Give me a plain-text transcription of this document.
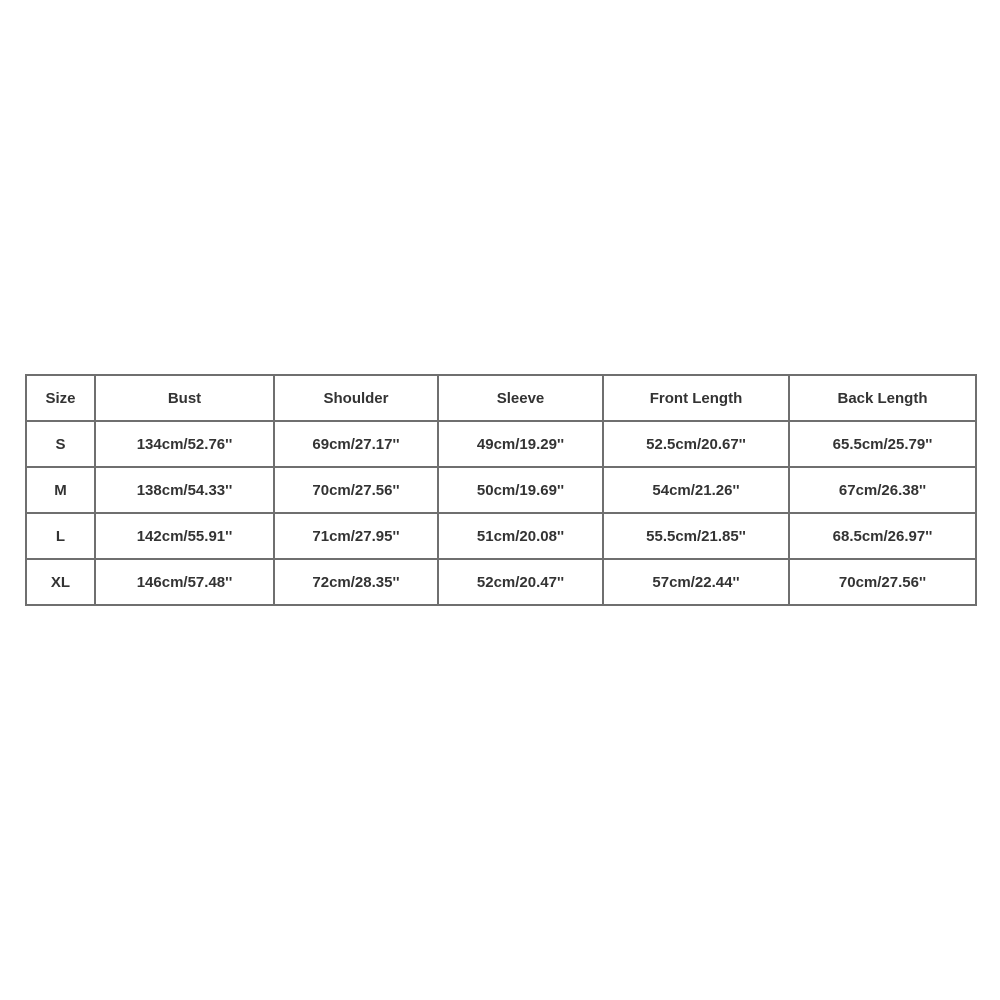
Size	Bust	Shoulder	Sleeve	Front Length	Back Length
S	134cm/52.76''	69cm/27.17''	49cm/19.29''	52.5cm/20.67''	65.5cm/25.79''
M	138cm/54.33''	70cm/27.56''	50cm/19.69''	54cm/21.26''	67cm/26.38''
L	142cm/55.91''	71cm/27.95''	51cm/20.08''	55.5cm/21.85''	68.5cm/26.97''
XL	146cm/57.48''	72cm/28.35''	52cm/20.47''	57cm/22.44''	70cm/27.56''
